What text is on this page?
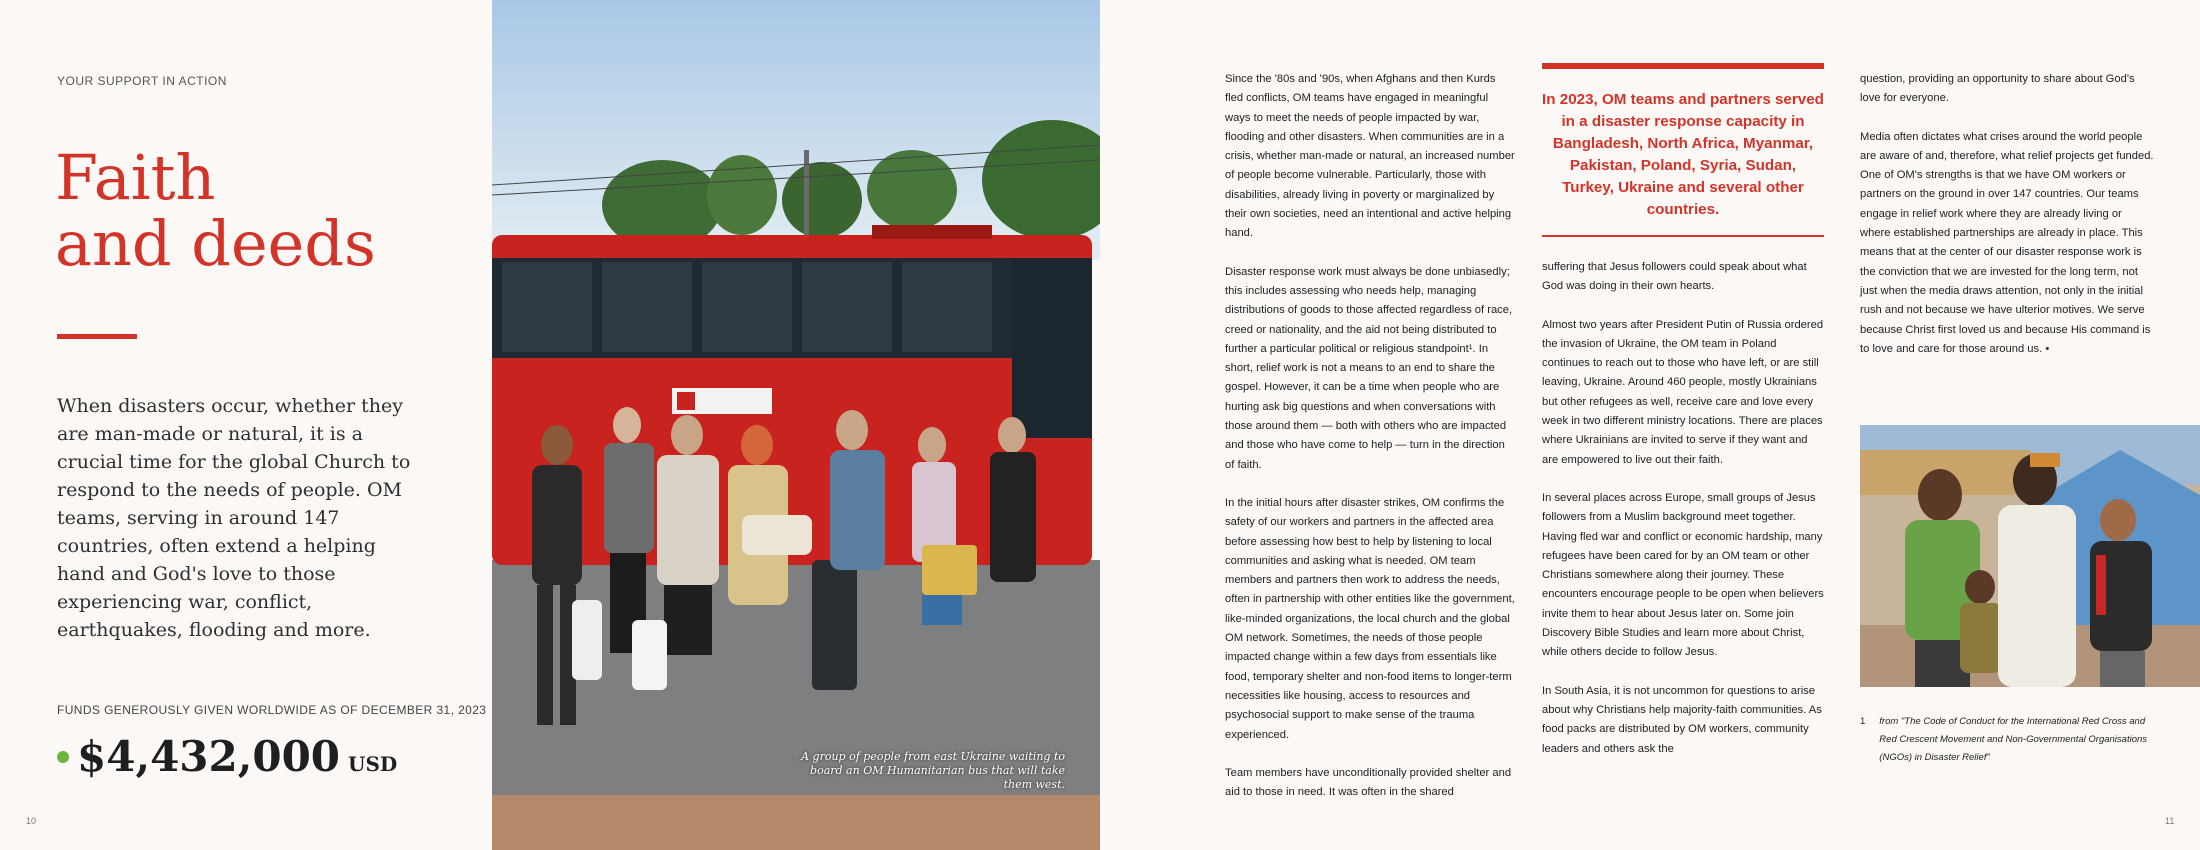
YOUR SUPPORT IN ACTION
Faith
and deeds

When disasters occur, whether they are man-made or natural, it is a crucial time for the global Church to respond to the needs of people. OM teams, serving in around 147 countries, often extend a helping hand and God's love to those experiencing war, conflict, earthquakes, flooding and more.

FUNDS GENEROUSLY GIVEN WORLDWIDE AS OF DECEMBER 31, 2023
$4,432,000 USD
10
A group of people from east Ukraine waiting to board an OM Humanitarian bus that will take them west.

Since the '80s and '90s, when Afghans and then Kurds fled conflicts, OM teams have engaged in meaningful ways to meet the needs of people impacted by war, flooding and other disasters. When communities are in a crisis, whether man-made or natural, an increased number of people become vulnerable. Particularly, those with disabilities, already living in poverty or marginalized by their own societies, need an intentional and active helping hand.

Disaster response work must always be done unbiasedly; this includes assessing who needs help, managing distributions of goods to those affected regardless of race, creed or nationality, and the aid not being distributed to further a particular political or religious standpoint¹. In short, relief work is not a means to an end to share the gospel. However, it can be a time when people who are hurting ask big questions and when conversations with those around them — both with others who are impacted and those who have come to help — turn in the direction of faith.

In the initial hours after disaster strikes, OM confirms the safety of our workers and partners in the affected area before assessing how best to help by listening to local communities and asking what is needed. OM team members and partners then work to address the needs, often in partnership with other entities like the government, like-minded organizations, the local church and the global OM network. Sometimes, the needs of those people impacted change within a few days from essentials like food, temporary shelter and non-food items to longer-term necessities like housing, access to resources and psychosocial support to make sense of the trauma experienced.

Team members have unconditionally provided shelter and aid to those in need. It was often in the shared

In 2023, OM teams and partners served in a disaster response capacity in Bangladesh, North Africa, Myanmar, Pakistan, Poland, Syria, Sudan, Turkey, Ukraine and several other countries.

suffering that Jesus followers could speak about what God was doing in their own hearts.

Almost two years after President Putin of Russia ordered the invasion of Ukraine, the OM team in Poland continues to reach out to those who have left, or are still leaving, Ukraine. Around 460 people, mostly Ukrainians but other refugees as well, receive care and love every week in two different ministry locations. There are places where Ukrainians are invited to serve if they want and are empowered to live out their faith.

In several places across Europe, small groups of Jesus followers from a Muslim background meet together. Having fled war and conflict or economic hardship, many refugees have been cared for by an OM team or other Christians somewhere along their journey. These encounters encourage people to be open when believers invite them to hear about Jesus later on. Some join Discovery Bible Studies and learn more about Christ, while others decide to follow Jesus.

In South Asia, it is not uncommon for questions to arise about why Christians help majority-faith communities. As food packs are distributed by OM workers, community leaders and others ask the

question, providing an opportunity to share about God's love for everyone.

Media often dictates what crises around the world people are aware of and, therefore, what relief projects get funded. One of OM's strengths is that we have OM workers or partners on the ground in over 147 countries. Our teams engage in relief work where they are already living or where established partnerships are already in place. This means that at the center of our disaster response work is the conviction that we are invested for the long term, not just when the media draws attention, not only in the initial rush and not because we have ulterior motives. We serve because Christ first loved us and because His command is to love and care for those around us. •

1 from "The Code of Conduct for the International Red Cross and Red Crescent Movement and Non-Governmental Organisations (NGOs) in Disaster Relief"
11
